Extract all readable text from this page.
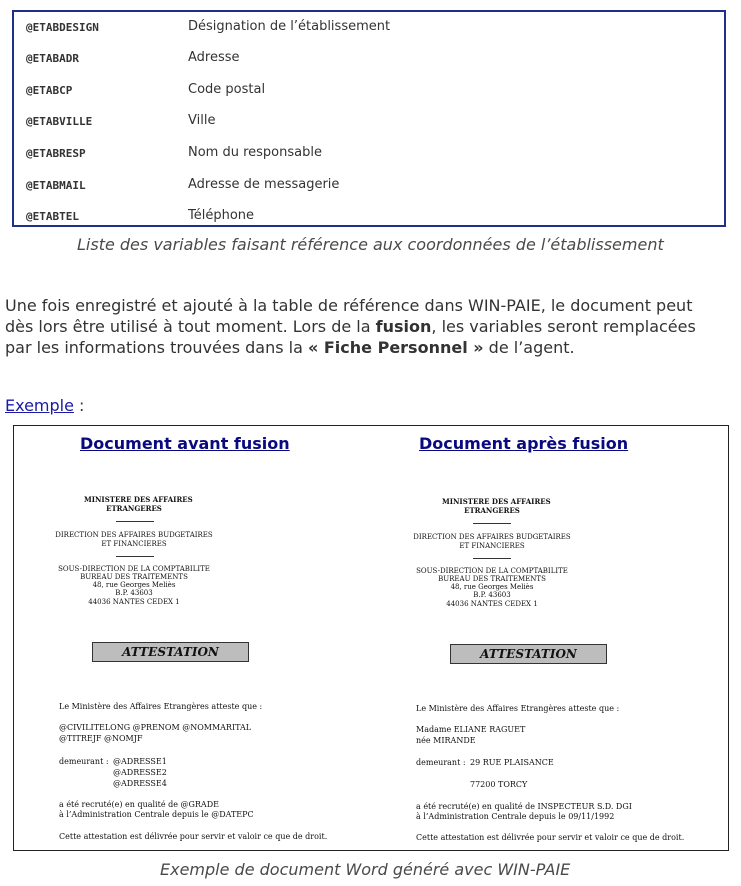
@ETABDESIGN	Désignation de l’établissement
@ETABADR	Adresse
@ETABCP	Code postal
@ETABVILLE	Ville
@ETABRESP	Nom du responsable
@ETABMAIL	Adresse de messagerie
@ETABTEL	Téléphone
Liste des variables faisant référence aux coordonnées de l’établissement
Une fois enregistré et ajouté à la table de référence dans WIN-PAIE, le document peut dès lors être utilisé à tout moment. Lors de la fusion, les variables seront remplacées par les informations trouvées dans la « Fiche Personnel » de l’agent.
Exemple :
Document avant fusion	Document après fusion
MINISTERE DES AFFAIRES
ETRANGERES
DIRECTION DES AFFAIRES BUDGETAIRES
ET FINANCIERES
SOUS-DIRECTION DE LA COMPTABILITE
BUREAU DES TRAITEMENTS
48, rue Georges Meliès
B.P. 43603
44036 NANTES CEDEX 1
ATTESTATION
Le Ministère des Affaires Etrangères atteste que :
@CIVILITELONG @PRENOM @NOMMARITAL
@TITREJF @NOMJF
demeurant : @ADRESSE1
@ADRESSE2
@ADRESSE4
a été recruté(e) en qualité de @GRADE
à l’Administration Centrale depuis le @DATEPC
Cette attestation est délivrée pour servir et valoir ce que de droit.
MINISTERE DES AFFAIRES
ETRANGERES
DIRECTION DES AFFAIRES BUDGETAIRES
ET FINANCIERES
SOUS-DIRECTION DE LA COMPTABILITE
BUREAU DES TRAITEMENTS
48, rue Georges Meliès
B.P. 43603
44036 NANTES CEDEX 1
ATTESTATION
Le Ministère des Affaires Etrangères atteste que :
Madame ELIANE RAGUET
née MIRANDE
demeurant : 29 RUE PLAISANCE
77200 TORCY
a été recruté(e) en qualité de INSPECTEUR S.D. DGI
à l’Administration Centrale depuis le 09/11/1992
Cette attestation est délivrée pour servir et valoir ce que de droit.
Exemple de document Word généré avec WIN-PAIE
